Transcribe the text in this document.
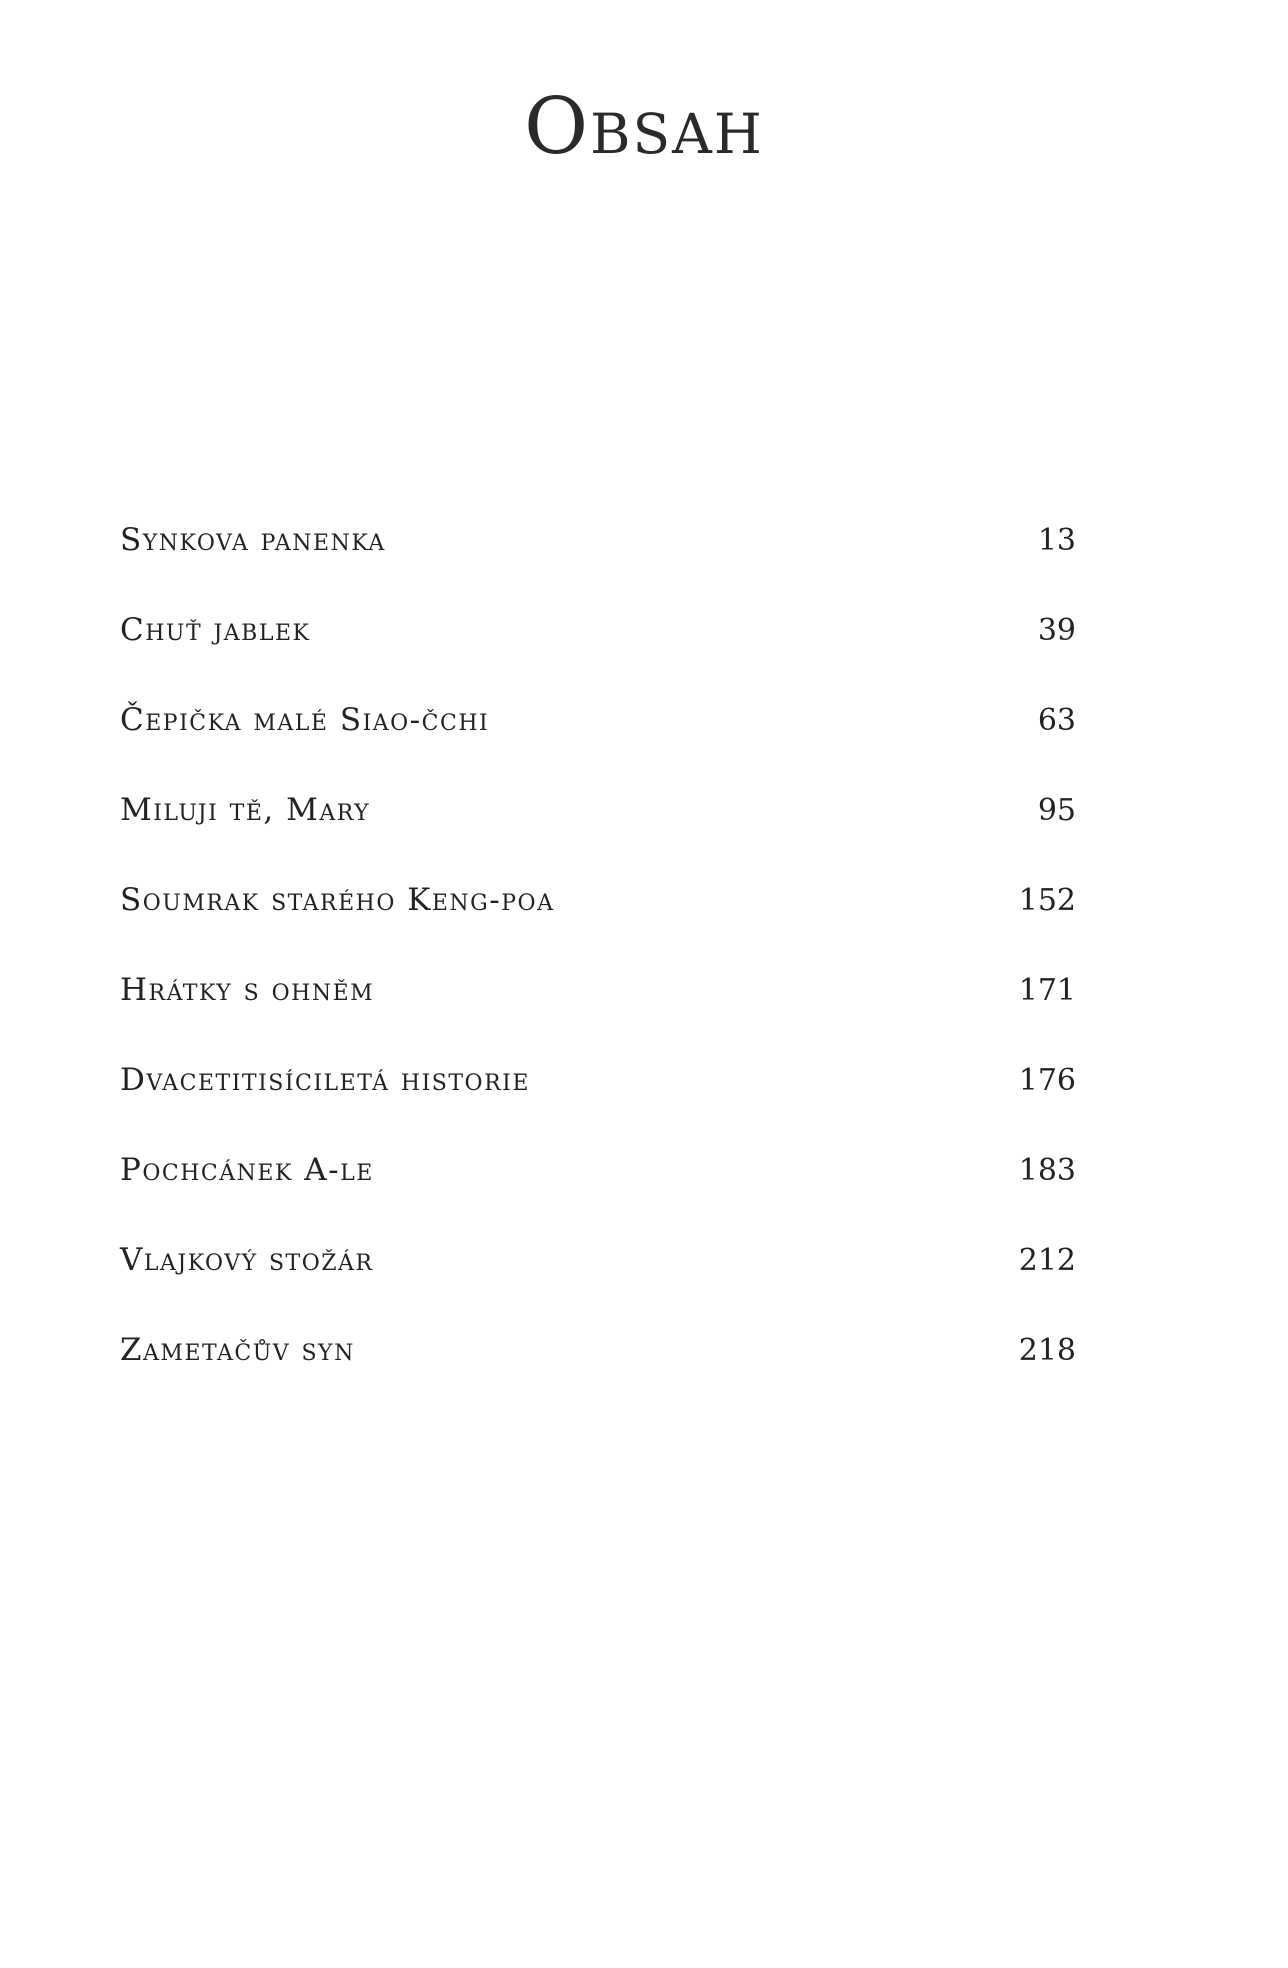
Obsah
Synkova panenka	13
Chuť jablek	39
Čepička malé Siao-čchi	63
Miluji tě, Mary	95
Soumrak starého Keng-poa	152
Hrátky s ohněm	171
Dvacetitisíciletá historie	176
Pochcánek A-le	183
Vlajkový stožár	212
Zametačův syn	218
